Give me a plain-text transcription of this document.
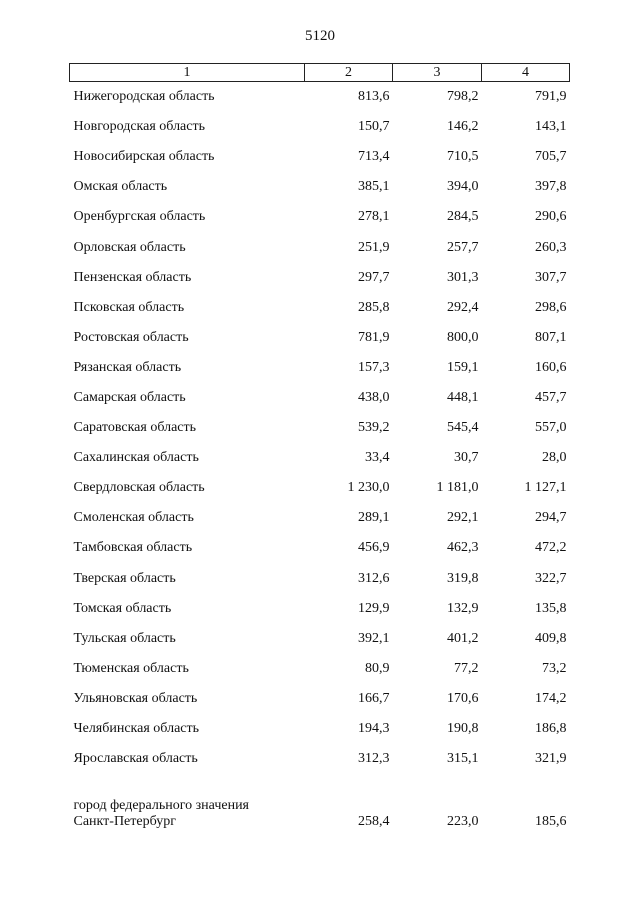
5120
1	2	3	4
Нижегородская область	813,6	798,2	791,9
Новгородская область	150,7	146,2	143,1
Новосибирская область	713,4	710,5	705,7
Омская область	385,1	394,0	397,8
Оренбургская область	278,1	284,5	290,6
Орловская область	251,9	257,7	260,3
Пензенская область	297,7	301,3	307,7
Псковская область	285,8	292,4	298,6
Ростовская область	781,9	800,0	807,1
Рязанская область	157,3	159,1	160,6
Самарская область	438,0	448,1	457,7
Саратовская область	539,2	545,4	557,0
Сахалинская область	33,4	30,7	28,0
Свердловская область	1 230,0	1 181,0	1 127,1
Смоленская область	289,1	292,1	294,7
Тамбовская область	456,9	462,3	472,2
Тверская область	312,6	319,8	322,7
Томская область	129,9	132,9	135,8
Тульская область	392,1	401,2	409,8
Тюменская область	80,9	77,2	73,2
Ульяновская область	166,7	170,6	174,2
Челябинская область	194,3	190,8	186,8
Ярославская область	312,3	315,1	321,9

город федерального значения
Санкт-Петербург	258,4	223,0	185,6
